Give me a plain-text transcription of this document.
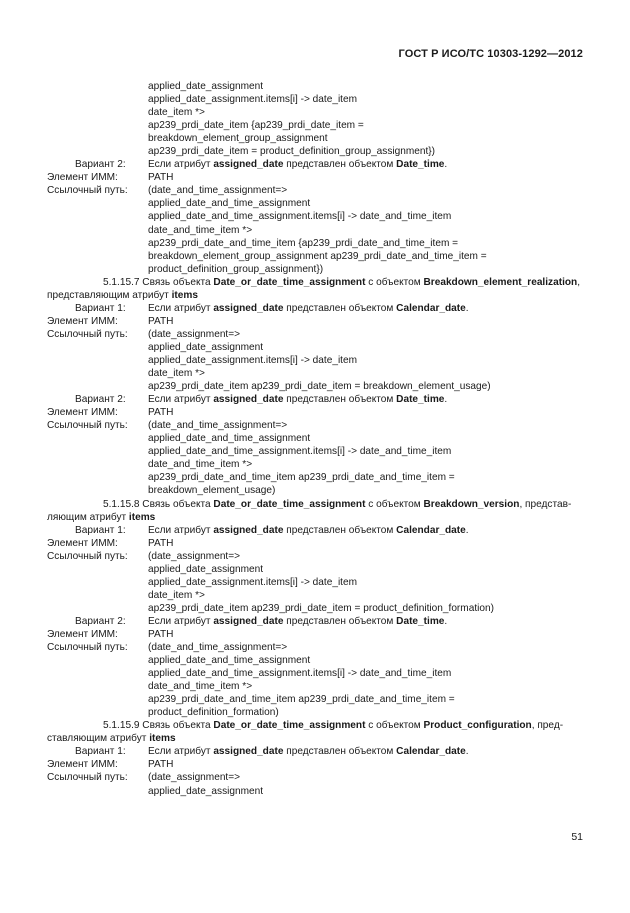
ГОСТ Р ИСО/ТС 10303-1292—2012
applied_date_assignment
applied_date_assignment.items[i] -> date_item
date_item *>
ap239_prdi_date_item {ap239_prdi_date_item =
breakdown_element_group_assignment
ap239_prdi_date_item = product_definition_group_assignment})
Вариант 2:	Если атрибут assigned_date представлен объектом Date_time.
Элемент ИММ:	PATH
Ссылочный путь:	(date_and_time_assignment=>
applied_date_and_time_assignment
applied_date_and_time_assignment.items[i] -> date_and_time_item
date_and_time_item *>
ap239_prdi_date_and_time_item {ap239_prdi_date_and_time_item =
breakdown_element_group_assignment ap239_prdi_date_and_time_item =
product_definition_group_assignment})
5.1.15.7 Связь объекта Date_or_date_time_assignment с объектом Breakdown_element_realization,
представляющим атрибут items
Вариант 1:	Если атрибут assigned_date представлен объектом Calendar_date.
Элемент ИММ:	PATH
Ссылочный путь:	(date_assignment=>
applied_date_assignment
applied_date_assignment.items[i] -> date_item
date_item *>
ap239_prdi_date_item ap239_prdi_date_item = breakdown_element_usage)
Вариант 2:	Если атрибут assigned_date представлен объектом Date_time.
Элемент ИММ:	PATH
Ссылочный путь:	(date_and_time_assignment=>
applied_date_and_time_assignment
applied_date_and_time_assignment.items[i] -> date_and_time_item
date_and_time_item *>
ap239_prdi_date_and_time_item ap239_prdi_date_and_time_item =
breakdown_element_usage)
5.1.15.8 Связь объекта Date_or_date_time_assignment с объектом Breakdown_version, представ-
ляющим атрибут items
Вариант 1:	Если атрибут assigned_date представлен объектом Calendar_date.
Элемент ИММ:	PATH
Ссылочный путь:	(date_assignment=>
applied_date_assignment
applied_date_assignment.items[i] -> date_item
date_item *>
ap239_prdi_date_item ap239_prdi_date_item = product_definition_formation)
Вариант 2:	Если атрибут assigned_date представлен объектом Date_time.
Элемент ИММ:	PATH
Ссылочный путь:	(date_and_time_assignment=>
applied_date_and_time_assignment
applied_date_and_time_assignment.items[i] -> date_and_time_item
date_and_time_item *>
ap239_prdi_date_and_time_item ap239_prdi_date_and_time_item =
product_definition_formation)
5.1.15.9 Связь объекта Date_or_date_time_assignment с объектом Product_configuration, пред-
ставляющим атрибут items
Вариант 1:	Если атрибут assigned_date представлен объектом Calendar_date.
Элемент ИММ:	PATH
Ссылочный путь:	(date_assignment=>
applied_date_assignment
51
